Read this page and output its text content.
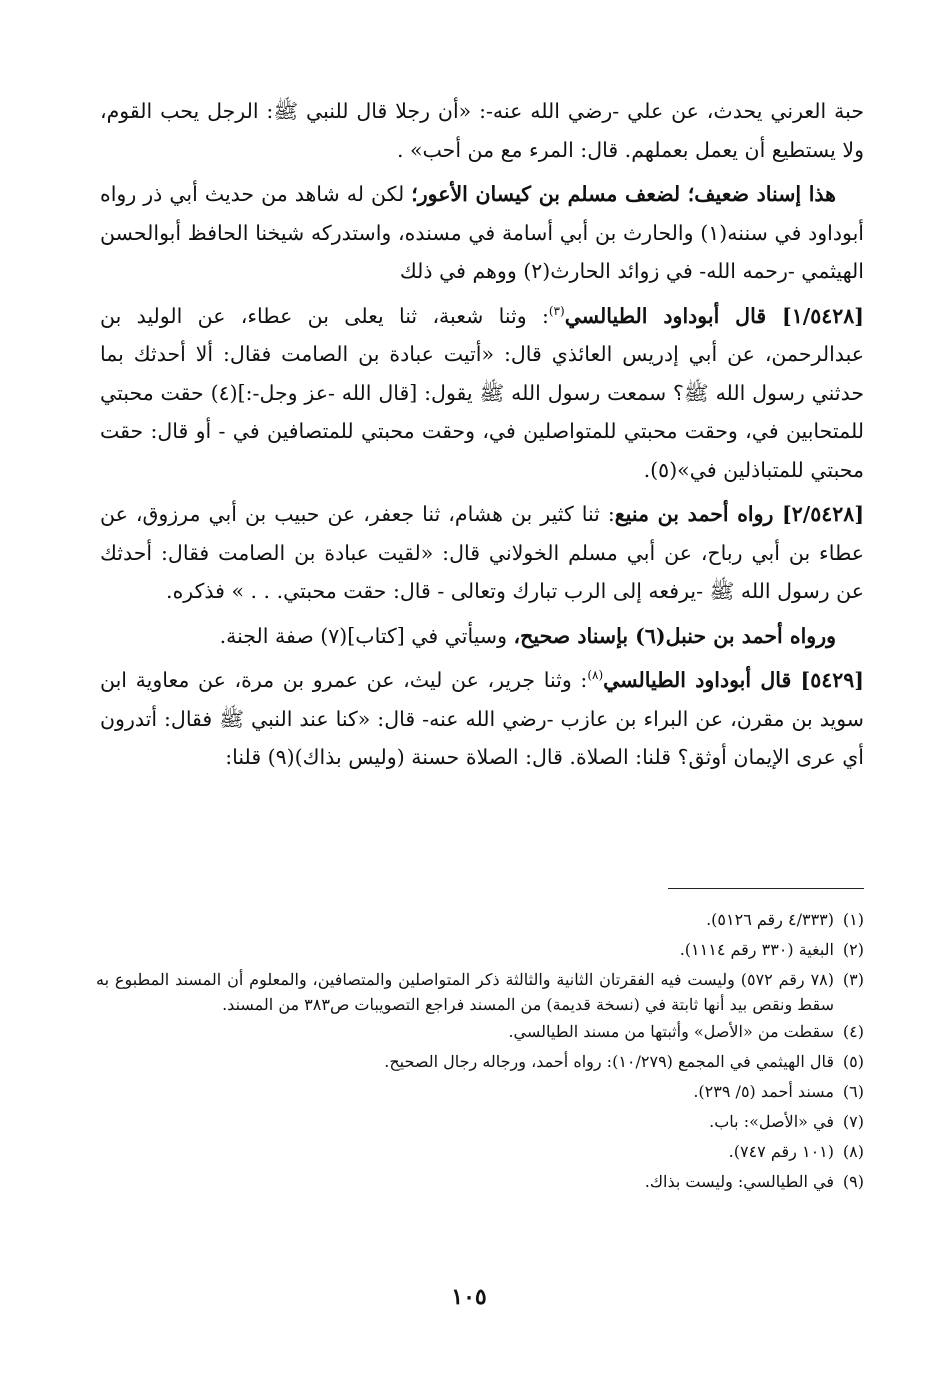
حبة العرني يحدث، عن علي -رضي الله عنه-: «أن رجلا قال للنبي ﷺ: الرجل يحب القوم، ولا يستطيع أن يعمل بعملهم. قال: المرء مع من أحب» .

هذا إسناد ضعيف؛ لضعف مسلم بن كيسان الأعور؛ لكن له شاهد من حديث أبي ذر رواه أبوداود في سننه(١) والحارث بن أبي أسامة في مسنده، واستدركه شيخنا الحافظ أبوالحسن الهيثمي -رحمه الله- في زوائد الحارث(٢) ووهم في ذلك

[١/٥٤٢٨] قال أبوداود الطيالسي$^{(٣)}$: وثنا شعبة، ثنا يعلى بن عطاء، عن الوليد بن عبدالرحمن، عن أبي إدريس العائذي قال: «أتيت عبادة بن الصامت فقال: ألا أحدثك بما حدثني رسول الله ﷺ؟ سمعت رسول الله ﷺ يقول: [قال الله -عز وجل-:](٤) حقت محبتي للمتحابين في، وحقت محبتي للمتواصلين في، وحقت محبتي للمتصافين في - أو قال: حقت محبتي للمتباذلين في»(٥).

[٢/٥٤٢٨] رواه أحمد بن منيع: ثنا كثير بن هشام، ثنا جعفر، عن حبيب بن أبي مرزوق، عن عطاء بن أبي رباح، عن أبي مسلم الخولاني قال: «لقيت عبادة بن الصامت فقال: أحدثك عن رسول الله ﷺ -يرفعه إلى الرب تبارك وتعالى - قال: حقت محبتي. . . » فذكره.

ورواه أحمد بن حنبل(٦) بإسناد صحيح، وسيأتي في [كتاب](٧) صفة الجنة.

[٥٤٢٩] قال أبوداود الطيالسي$^{(٨)}$: وثنا جرير، عن ليث، عن عمرو بن مرة، عن معاوية ابن سويد بن مقرن، عن البراء بن عازب -رضي الله عنه- قال: «كنا عند النبي ﷺ فقال: أتدرون أي عرى الإيمان أوثق؟ قلنا: الصلاة. قال: الصلاة حسنة (وليس بذاك)(٩) قلنا:

(١)
(٤/٣٣٣ رقم ٥١٢٦).
(٢)
البغية (٣٣٠ رقم ١١١٤).
(٣)
(٧٨ رقم ٥٧٢) وليست فيه الفقرتان الثانية والثالثة ذكر المتواصلين والمتصافين، والمعلوم أن المسند المطبوع به سقط ونقص بيد أنها ثابتة في (نسخة قديمة) من المسند فراجع التصويبات ص٣٨٣ من المسند.
(٤)
سقطت من «الأصل» وأثبتها من مسند الطيالسي.
(٥)
قال الهيثمي في المجمع (١٠/٢٧٩): رواه أحمد، ورجاله رجال الصحيح.
(٦)
مسند أحمد (٥/ ٢٣٩).
(٧)
في «الأصل»: باب.
(٨)
(١٠١ رقم ٧٤٧).
(٩)
في الطيالسي: وليست بذاك.
١٠٥
